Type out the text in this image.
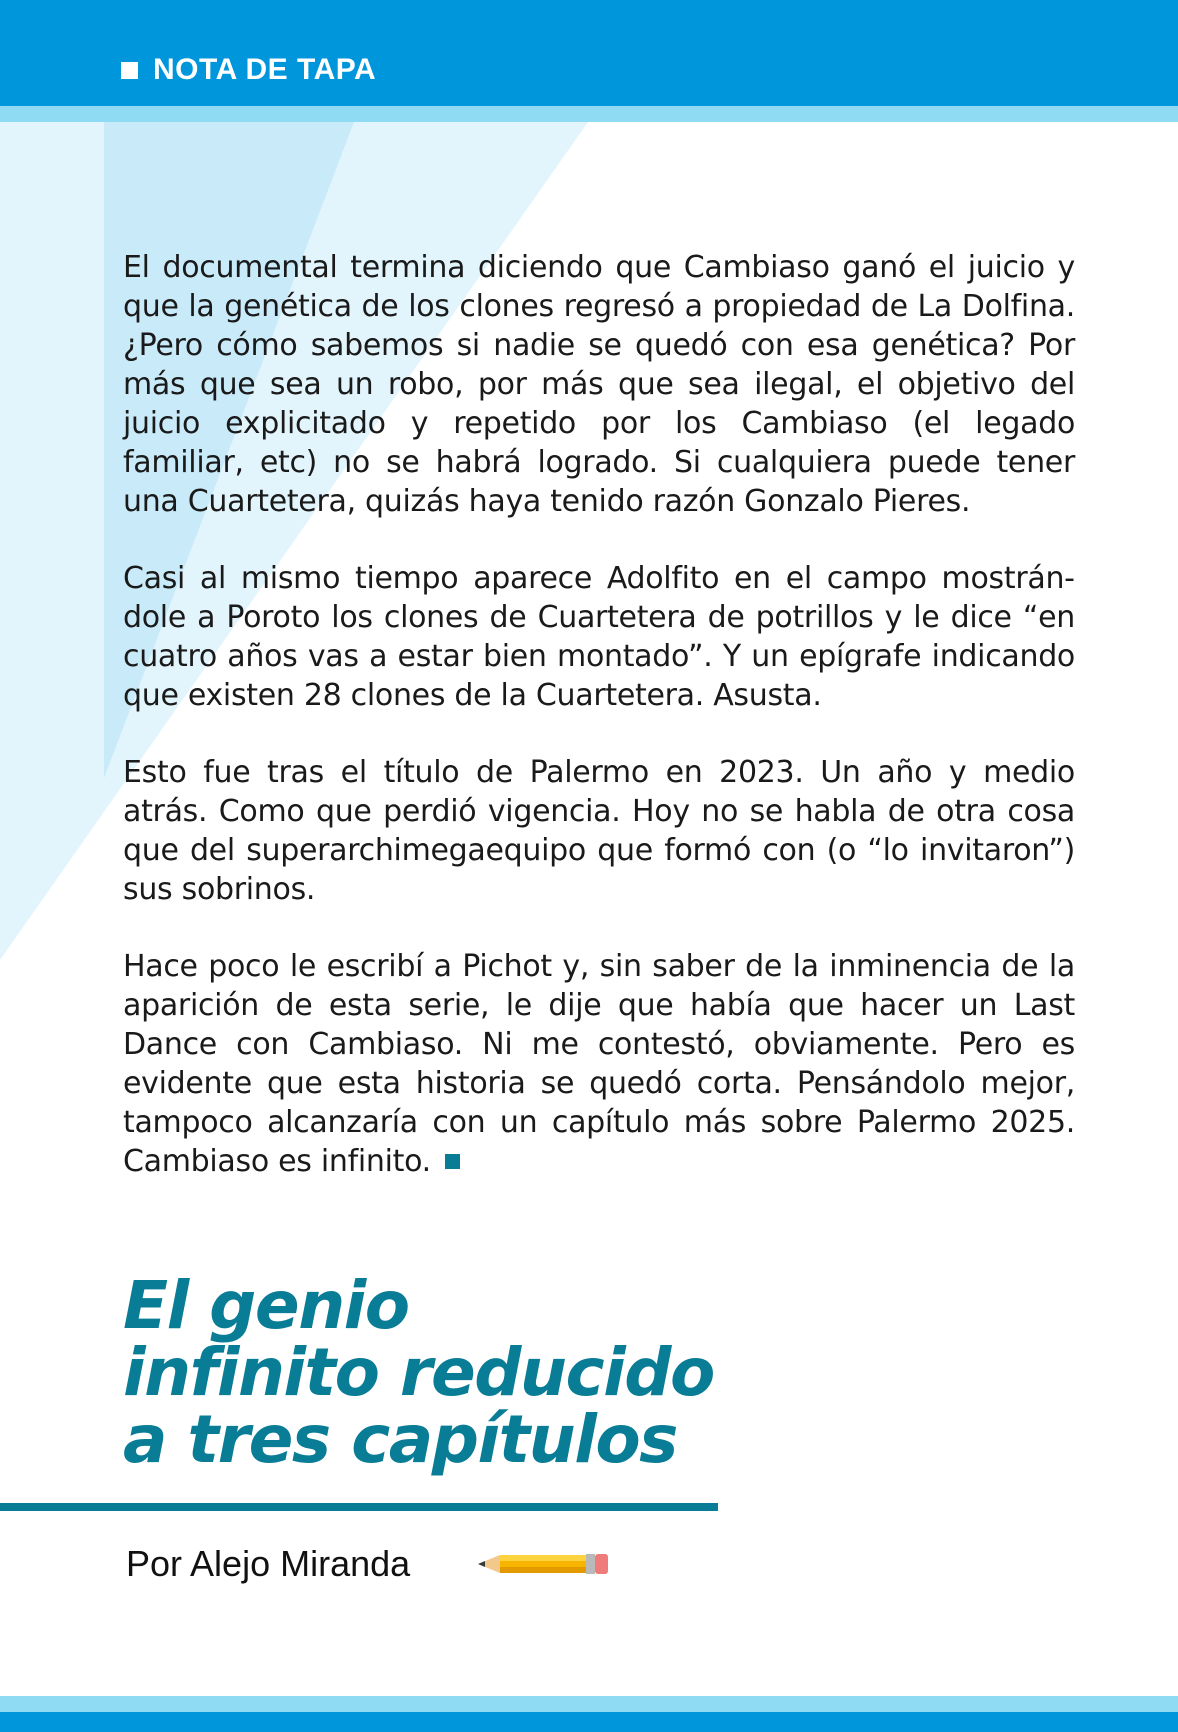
NOTA DE TAPA

El documental termina diciendo que Cambiaso ganó el juicio y que la genética de los clones regresó a propiedad de La Dolfina. ¿Pero cómo sabemos si nadie se quedó con esa genética? Por más que sea un robo, por más que sea ilegal, el objetivo del juicio explicitado y repetido por los Cambiaso (el legado familiar, etc) no se habrá logrado. Si cualquiera puede tener una Cuartetera, quizás haya tenido razón Gonzalo Pieres.

Casi al mismo tiempo aparece Adolfito en el campo mostrándole a Poroto los clones de Cuartetera de potrillos y le dice “en cuatro años vas a estar bien montado”. Y un epígrafe indicando que existen 28 clones de la Cuartetera. Asusta.

Esto fue tras el título de Palermo en 2023. Un año y medio atrás. Como que perdió vigencia. Hoy no se habla de otra cosa que del superarchimegaequipo que formó con (o “lo invitaron”) sus sobrinos.

Hace poco le escribí a Pichot y, sin saber de la inminencia de la aparición de esta serie, le dije que había que hacer un Last Dance con Cambiaso. Ni me contestó, obviamente. Pero es evidente que esta historia se quedó corta. Pensándolo mejor, tampoco alcanzaría con un capítulo más sobre Palermo 2025. Cambiaso es infinito.

El genio
infinito reducido
a tres capítulos
Por Alejo Miranda
